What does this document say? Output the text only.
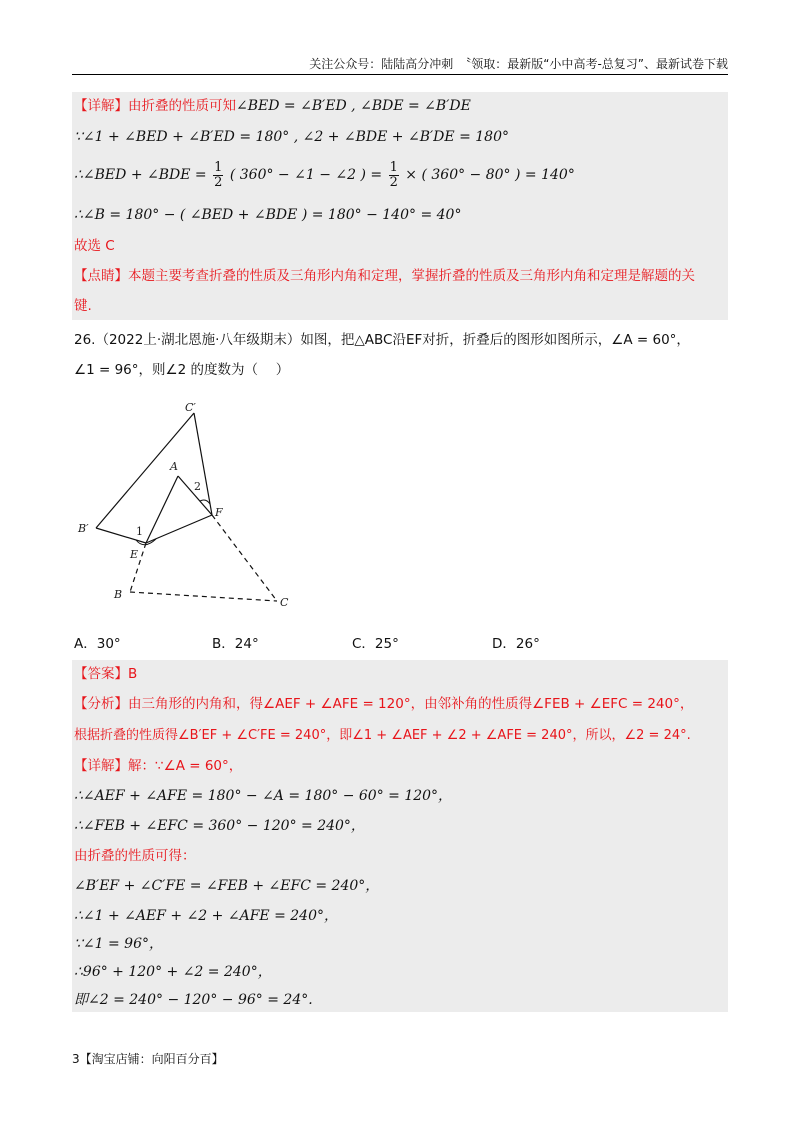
关注公众号：陆陆高分冲刺　〝领取：最新版“小中高考-总复习”、最新试卷下载
【详解】由折叠的性质可知∠BED = ∠B′ED , ∠BDE = ∠B′DE
∵∠1 + ∠BED + ∠B′ED = 180° , ∠2 + ∠BDE + ∠B′DE = 180°
∴∠BED + ∠BDE = $\frac{1}{2}$ ( 360° − ∠1 − ∠2 ) = $\frac{1}{2}$ × ( 360° − 80° ) = 140°
∴∠B = 180° − ( ∠BED + ∠BDE ) = 180° − 140° = 40°
故选 C
【点睛】本题主要考查折叠的性质及三角形内角和定理，掌握折叠的性质及三角形内角和定理是解题的关
键.
26.（2022上·湖北恩施·八年级期末）如图，把△ABC沿EF对折，折叠后的图形如图所示，∠A = 60°，
∠1 = 96°，则∠2 的度数为（　 ）
C′
A
2
B′	1
F
E
B
C
A．30°	B．24°	C．25°	D．26°
【答案】B
【分析】由三角形的内角和，得∠AEF + ∠AFE = 120°，由邻补角的性质得∠FEB + ∠EFC = 240°，
根据折叠的性质得∠B′EF + ∠C′FE = 240°，即∠1 + ∠AEF + ∠2 + ∠AFE = 240°，所以，∠2 = 24°.
【详解】解：∵∠A = 60°，
∴∠AEF + ∠AFE = 180° − ∠A = 180° − 60° = 120°，
∴∠FEB + ∠EFC = 360° − 120° = 240°，
由折叠的性质可得：
∠B′EF + ∠C′FE = ∠FEB + ∠EFC = 240°，
∴∠1 + ∠AEF + ∠2 + ∠AFE = 240°，
∵∠1 = 96°，
∴96° + 120° + ∠2 = 240°，
即∠2 = 240° − 120° − 96° = 24°.
3【淘宝店铺：向阳百分百】
